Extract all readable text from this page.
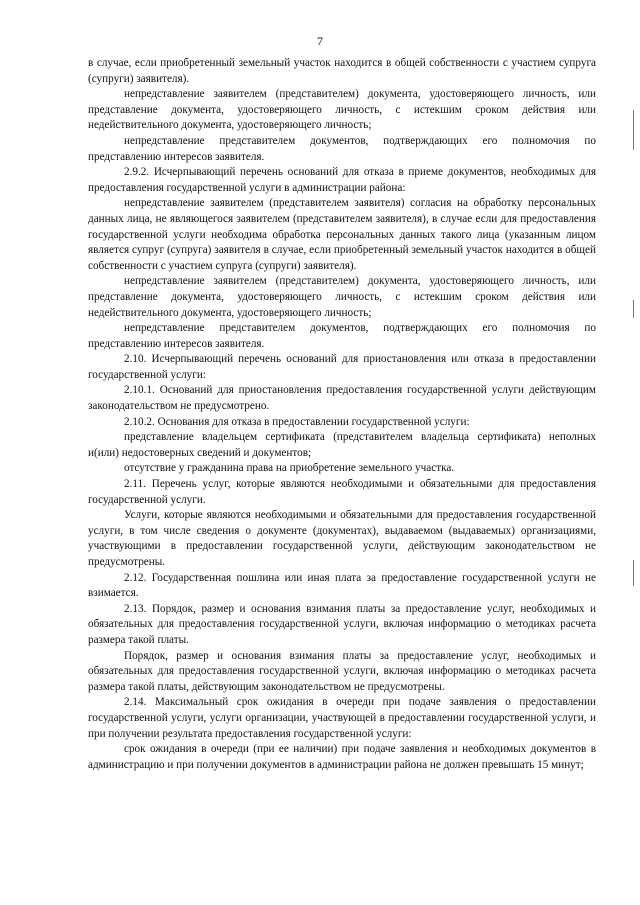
7

в случае, если приобретенный земельный участок находится в общей собственности с участием супруга (супруги) заявителя).

непредставление заявителем (представителем) документа, удостоверяющего личность, или представление документа, удостоверяющего личность, с истекшим сроком действия или недействительного документа, удостоверяющего личность;

непредставление представителем документов, подтверждающих его полномочия по представлению интересов заявителя.

2.9.2. Исчерпывающий перечень оснований для отказа в приеме документов, необходимых для предоставления государственной услуги в администрации района:

непредставление заявителем (представителем заявителя) согласия на обработку персональных данных лица, не являющегося заявителем (представителем заявителя), в случае если для предоставления государственной услуги необходима обработка персональных данных такого лица (указанным лицом является супруг (супруга) заявителя в случае, если приобретенный земельный участок находится в общей собственности с участием супруга (супруги) заявителя).

непредставление заявителем (представителем) документа, удостоверяющего личность, или представление документа, удостоверяющего личность, с истекшим сроком действия или недействительного документа, удостоверяющего личность;

непредставление представителем документов, подтверждающих его полномочия по представлению интересов заявителя.

2.10. Исчерпывающий перечень оснований для приостановления или отказа в предоставлении государственной услуги:

2.10.1. Оснований для приостановления предоставления государственной услуги действующим законодательством не предусмотрено.

2.10.2. Основания для отказа в предоставлении государственной услуги:

представление владельцем сертификата (представителем владельца сертификата) неполных и(или) недостоверных сведений и документов;

отсутствие у гражданина права на приобретение земельного участка.

2.11. Перечень услуг, которые являются необходимыми и обязательными для предоставления государственной услуги.

Услуги, которые являются необходимыми и обязательными для предоставления государственной услуги, в том числе сведения о документе (документах), выдаваемом (выдаваемых) организациями, участвующими в предоставлении государственной услуги, действующим законодательством не предусмотрены.

2.12. Государственная пошлина или иная плата за предоставление государственной услуги не взимается.

2.13. Порядок, размер и основания взимания платы за предоставление услуг, необходимых и обязательных для предоставления государственной услуги, включая информацию о методиках расчета размера такой платы.

Порядок, размер и основания взимания платы за предоставление услуг, необходимых и обязательных для предоставления государственной услуги, включая информацию о методиках расчета размера такой платы, действующим законодательством не предусмотрены.

2.14. Максимальный срок ожидания в очереди при подаче заявления о предоставлении государственной услуги, услуги организации, участвующей в предоставлении государственной услуги, и при получении результата предоставления государственной услуги:

срок ожидания в очереди (при ее наличии) при подаче заявления и необходимых документов в администрацию и при получении документов в администрации района не должен превышать 15 минут;
